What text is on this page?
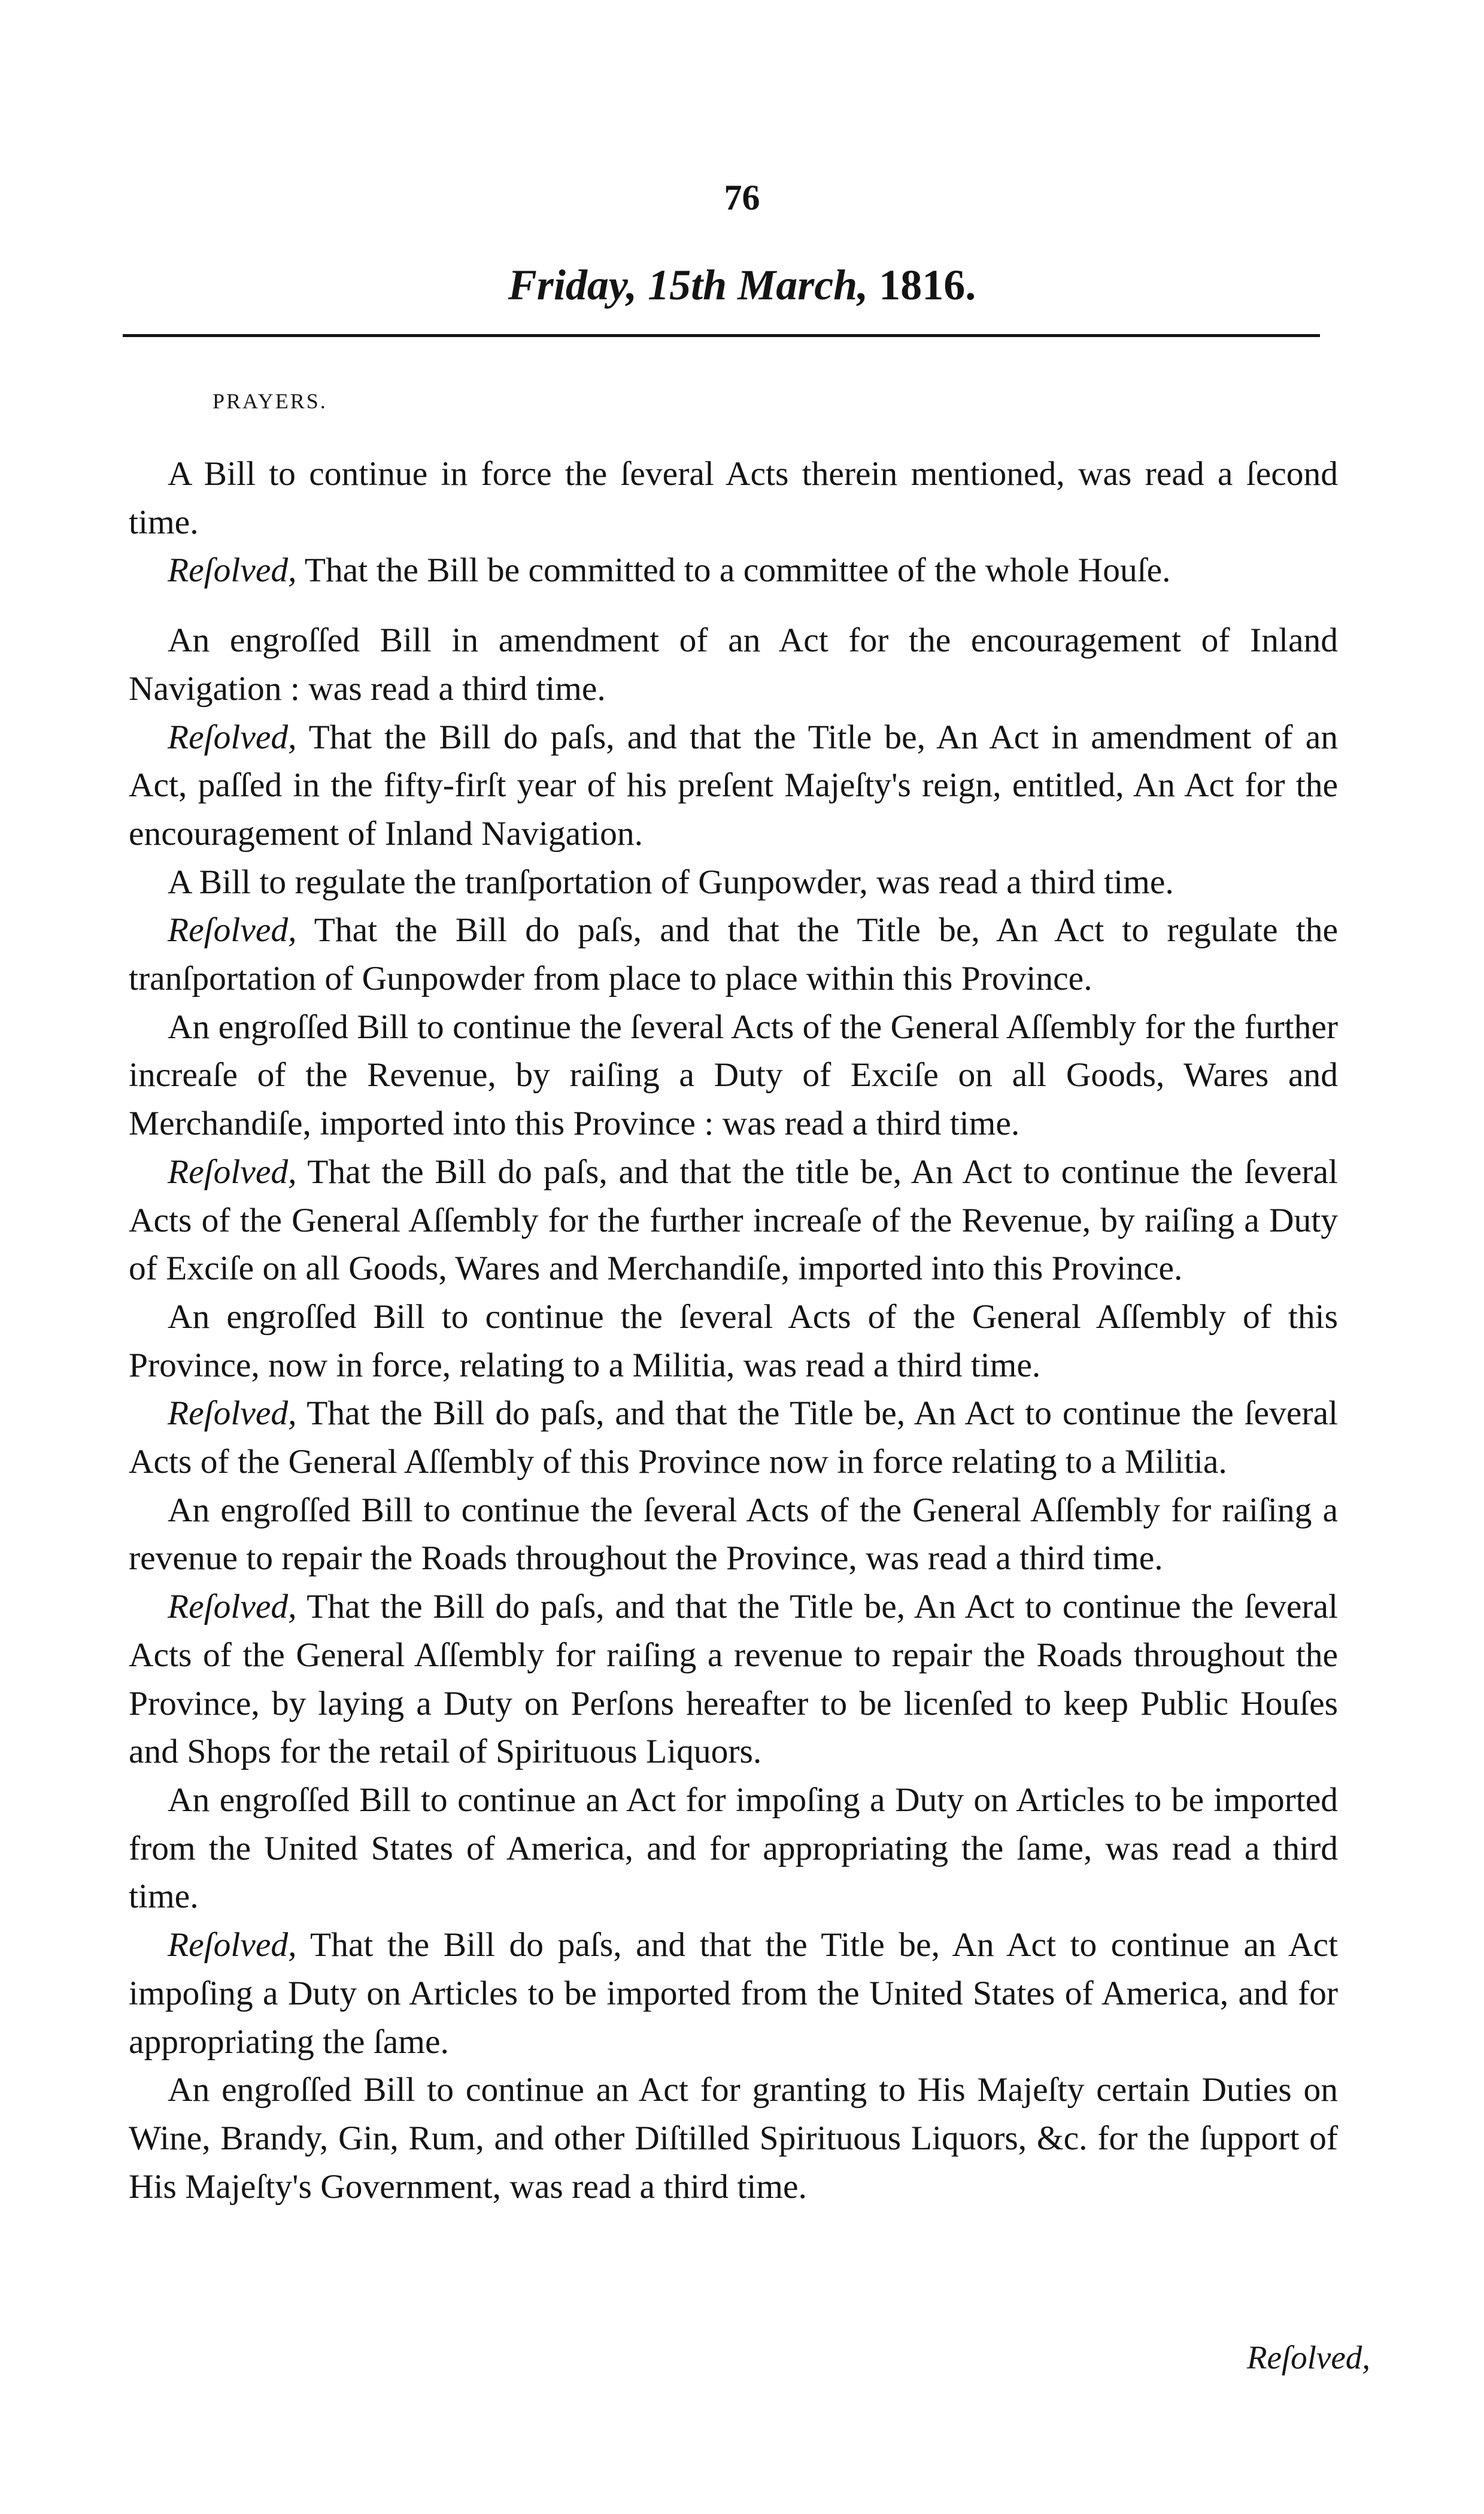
76
Friday, 15th March, 1816.
PRAYERS.

A Bill to continue in force the ſeveral Acts therein mentioned, was read a ſecond time.

Reſolved, That the Bill be committed to a committee of the whole Houſe.

An engroſſed Bill in amendment of an Act for the encouragement of Inland Navigation : was read a third time.

Reſolved, That the Bill do paſs, and that the Title be, An Act in amendment of an Act, paſſed in the fifty-firſt year of his preſent Majeſty's reign, entitled, An Act for the encouragement of Inland Navigation.

A Bill to regulate the tranſportation of Gunpowder, was read a third time.

Reſolved, That the Bill do paſs, and that the Title be, An Act to regulate the tranſportation of Gunpowder from place to place within this Province.

An engroſſed Bill to continue the ſeveral Acts of the General Aſſembly for the further increaſe of the Revenue, by raiſing a Duty of Exciſe on all Goods, Wares and Merchandiſe, imported into this Province : was read a third time.

Reſolved, That the Bill do paſs, and that the title be, An Act to continue the ſeveral Acts of the General Aſſembly for the further increaſe of the Revenue, by raiſing a Duty of Exciſe on all Goods, Wares and Merchandiſe, imported into this Province.

An engroſſed Bill to continue the ſeveral Acts of the General Aſſembly of this Province, now in force, relating to a Militia, was read a third time.

Reſolved, That the Bill do paſs, and that the Title be, An Act to continue the ſeveral Acts of the General Aſſembly of this Province now in force relating to a Militia.

An engroſſed Bill to continue the ſeveral Acts of the General Aſſembly for raiſing a revenue to repair the Roads throughout the Province, was read a third time.

Reſolved, That the Bill do paſs, and that the Title be, An Act to continue the ſeveral Acts of the General Aſſembly for raiſing a revenue to repair the Roads throughout the Province, by laying a Duty on Perſons hereafter to be licenſed to keep Public Houſes and Shops for the retail of Spirituous Liquors.

An engroſſed Bill to continue an Act for impoſing a Duty on Articles to be imported from the United States of America, and for appropriating the ſame, was read a third time.

Reſolved, That the Bill do paſs, and that the Title be, An Act to continue an Act impoſing a Duty on Articles to be imported from the United States of America, and for appropriating the ſame.

An engroſſed Bill to continue an Act for granting to His Majeſty certain Duties on Wine, Brandy, Gin, Rum, and other Diſtilled Spirituous Liquors, &c. for the ſupport of His Majeſty's Government, was read a third time.

Reſolved,
